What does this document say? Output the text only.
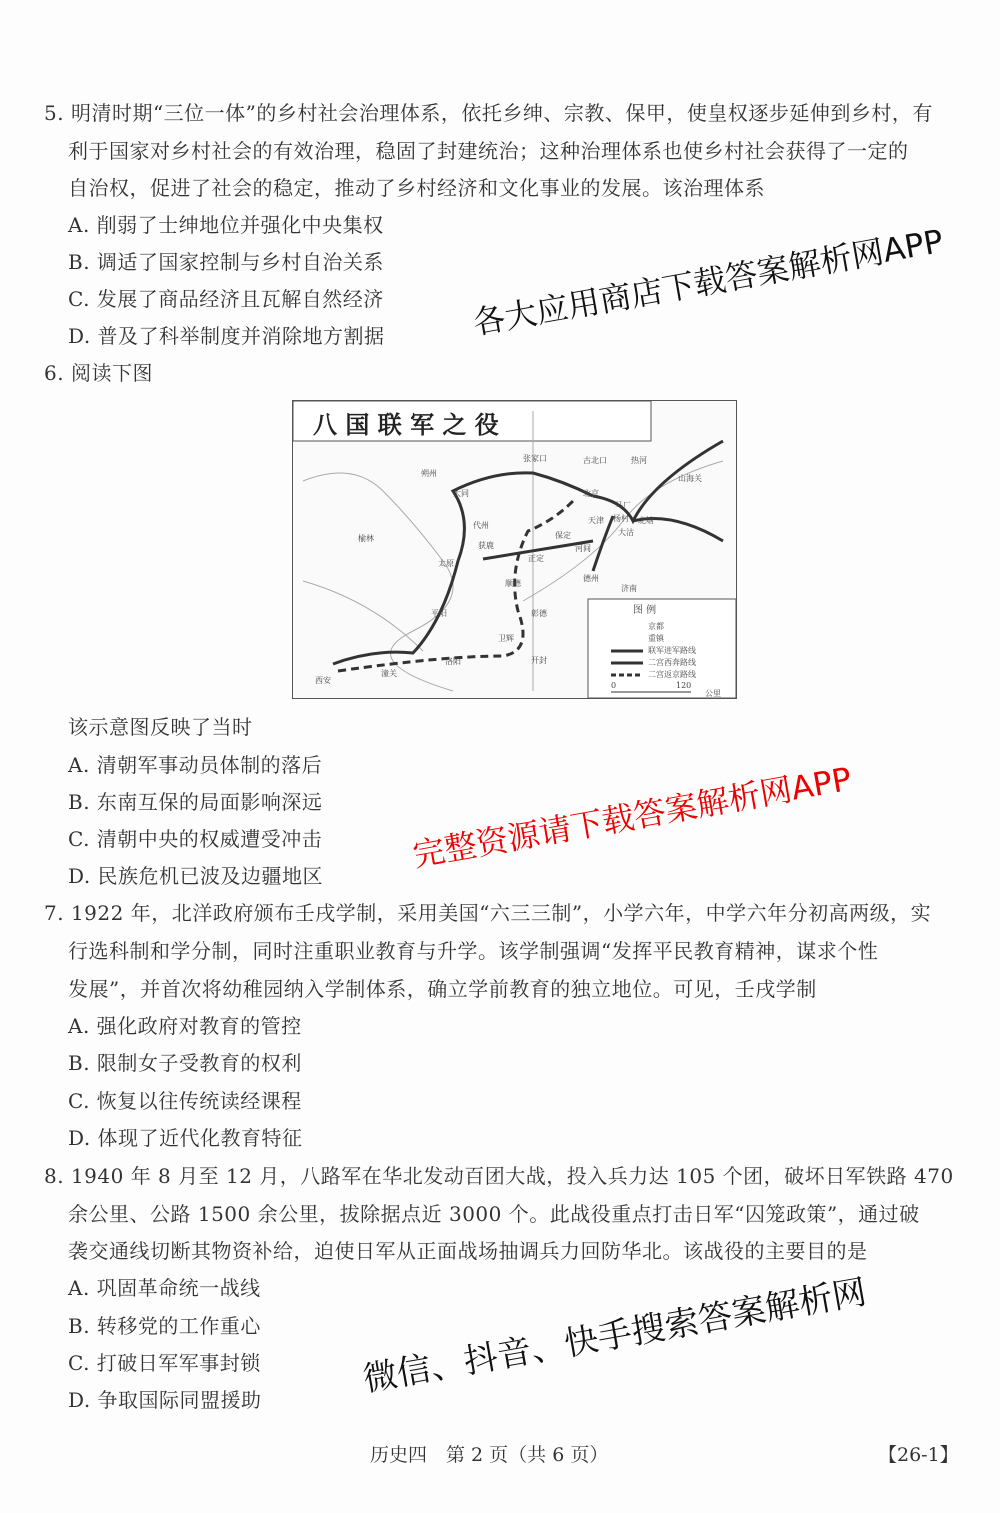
5. 明清时期“三位一体”的乡村社会治理体系，依托乡绅、宗教、保甲，使皇权逐步延伸到乡村，有
利于国家对乡村社会的有效治理，稳固了封建统治；这种治理体系也使乡村社会获得了一定的
自治权，促进了社会的稳定，推动了乡村经济和文化事业的发展。该治理体系
A. 削弱了士绅地位并强化中央集权
B. 调适了国家控制与乡村自治关系
C. 发展了商品经济且瓦解自然经济
D. 普及了科举制度并消除地方割据
6. 阅读下图
八 国 联 军 之 役
张家口	古北口	热河
山海关
北京
马厂
杨村 北塘
天津
大沽
保定
河间
正定
获鹿
代州
太原
大同
朔州
榆林
顺德
彰德
平阳
卫辉
开封
洛阳
潼关
西安
济南
德州
图 例
京都
重镇
联军进军路线
二宫西奔路线
二宫返京路线
0	120
公里
该示意图反映了当时
A. 清朝军事动员体制的落后
B. 东南互保的局面影响深远
C. 清朝中央的权威遭受冲击
D. 民族危机已波及边疆地区
7. 1922 年，北洋政府颁布壬戌学制，采用美国“六三三制”，小学六年，中学六年分初高两级，实
行选科制和学分制，同时注重职业教育与升学。该学制强调“发挥平民教育精神，谋求个性
发展”，并首次将幼稚园纳入学制体系，确立学前教育的独立地位。可见，壬戌学制
A. 强化政府对教育的管控
B. 限制女子受教育的权利
C. 恢复以往传统读经课程
D. 体现了近代化教育特征
8. 1940 年 8 月至 12 月，八路军在华北发动百团大战，投入兵力达 105 个团，破坏日军铁路 470
余公里、公路 1500 余公里，拔除据点近 3000 个。此战役重点打击日军“囚笼政策”，通过破
袭交通线切断其物资补给，迫使日军从正面战场抽调兵力回防华北。该战役的主要目的是
A. 巩固革命统一战线
B. 转移党的工作重心
C. 打破日军军事封锁
D. 争取国际同盟援助
历史四　第 2 页（共 6 页）	【26-1】
各大应用商店下载答案解析网APP
完整资源请下载答案解析网APP
微信、抖音、快手搜索答案解析网
